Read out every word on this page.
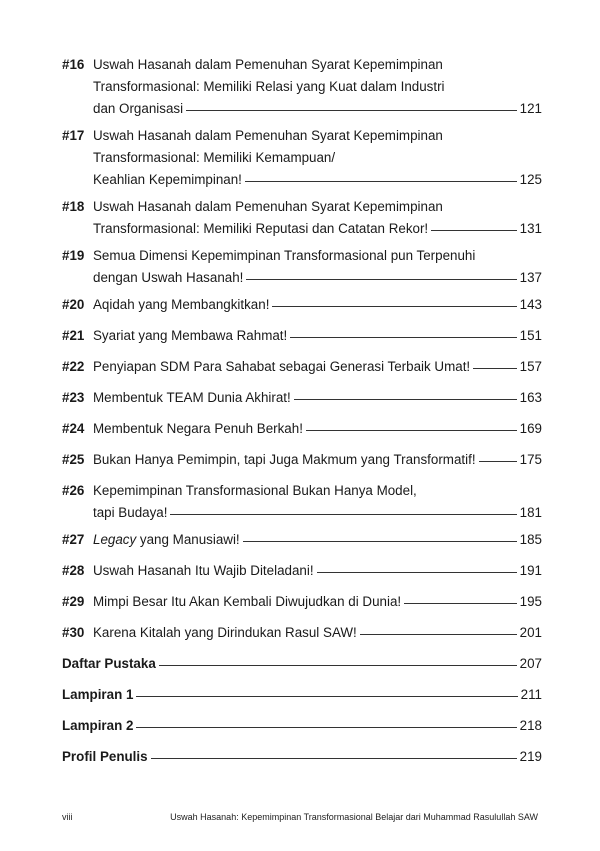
#16 Uswah Hasanah dalam Pemenuhan Syarat Kepemimpinan
Transformasional: Memiliki Relasi yang Kuat dalam Industri
dan Organisasi	121
#17 Uswah Hasanah dalam Pemenuhan Syarat Kepemimpinan
Transformasional: Memiliki Kemampuan/
Keahlian Kepemimpinan!	125
#18 Uswah Hasanah dalam Pemenuhan Syarat Kepemimpinan
Transformasional: Memiliki Reputasi dan Catatan Rekor!	131
#19 Semua Dimensi Kepemimpinan Transformasional pun Terpenuhi
dengan Uswah Hasanah!	137
#20 Aqidah yang Membangkitkan!	143
#21 Syariat yang Membawa Rahmat!	151
#22 Penyiapan SDM Para Sahabat sebagai Generasi Terbaik Umat!	157
#23 Membentuk TEAM Dunia Akhirat!	163
#24 Membentuk Negara Penuh Berkah!	169
#25 Bukan Hanya Pemimpin, tapi Juga Makmum yang Transformatif!	175
#26 Kepemimpinan Transformasional Bukan Hanya Model,
tapi Budaya!	181
#27 Legacy yang Manusiawi!	185
#28 Uswah Hasanah Itu Wajib Diteladani!	191
#29 Mimpi Besar Itu Akan Kembali Diwujudkan di Dunia!	195
#30 Karena Kitalah yang Dirindukan Rasul SAW!	201
Daftar Pustaka	207
Lampiran 1	211
Lampiran 2	218
Profil Penulis	219
viii	Uswah Hasanah: Kepemimpinan Transformasional Belajar dari Muhammad Rasulullah SAW
